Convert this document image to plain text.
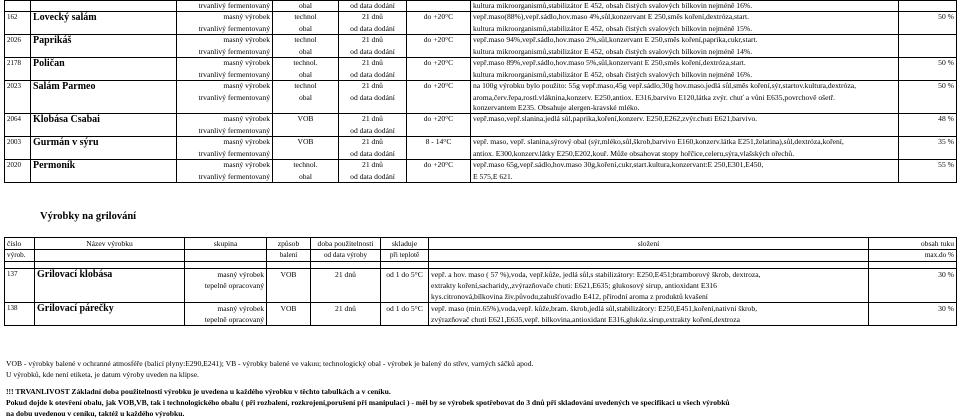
		trvanlivý fermentovaný	obal	od data dodání		kultura mikroorganismů,stabilizátor E 452, obsah čistých svalových bílkovin nejméně 16%.	
162	Lovecký salám	masný výrobek	technol	21 dnů	do +20°C	vepř.maso(88%),vepř.sádlo,hov.maso 4%,sůl,konzervant E 250,směs koření,dextróza,start.	50 %
		trvanlivý fermentovaný	obal	od data dodání		kultura mikroorganismů,stabilizátor E 452, obsah čistých svalových bílkovin nejméně 15%.	
2026	Paprikáš	masný výrobek	technol	21 dnů	do +20°C	vepř.maso 94%,vepř.sádlo,hov.maso 2%,sůl,konzervant E 250,směs koření,paprika,cukr,start.	
		trvanlivý fermentovaný	obal	od data dodání		kultura mikroorganismů,stabilizátor E 452, obsah čistých svalových bílkovin nejméně 14%.	
2178	Poličan	masný výrobek	technol.	21 dnů	do +20°C	vepř.maso 89%,vepř.sádlo,hov.maso 5%,sůl,konzervant E 250,směs koření,dextróza,start.	50 %
		trvanlivý fermentovaný	obal	od data dodání		kultura mikroorganismů,stabilizátor E 452, obsah čistých svalových bílkovin nejméně 16%.	
2023	Salám Parmeo	masný výrobek	technol	21 dnů	do +20°C	na 100g výrobku bylo použito: 55g vepř.maso,45g vepř.sádlo,30g hov.maso.jedlá sůl,směs koření,sýr,startov.kultura,dextróza,	50 %
		trvanlivý fermentovaný	obal	od data dodání		aroma,červ.řepa,rostl.vláknina,konzerv. E250,antiox. E316,barvivo E120,látka zvýr. chuť a vůni E635,povrchově ošetř.	
						konzervantem E235. Obsahuje alergen-kravské mléko.	
2064	Klobása Csabai	masný výrobek	VOB	21 dnů	do +20°C	vepř.maso,vepř.slanina,jedlá sůl,paprika,koření,konzerv. E250,E262,zvýr.chuti E621,barvivo.	48 %
		trvanlivý fermentovaný		od data dodání			
2003	Gurmán v sýru	masný výrobek	VOB	21 dnů	8 - 14°C	vepř. maso, vepř. slanina,sýrový obal (sýr,mléko,sůl,škrob,barvivo E160,konzerv.látka E251,želatina),sůl,dextróza,koření,	35 %
		trvanlivý fermentovaný		od data dodání		antiox. E300,konzerv.látky E250,E202,kouř. Může obsahovat stopy hořčice,celeru,sýra,vlašských ořechů.	
2020	Permoník	masný výrobek	technol.	21 dnů	do +20°C	vepř.maso 65g,vepř.sádlo,hov.maso 30g,koření,cukr,start.kultura,konzervant:E 250,E301,E450,	55 %
		trvanlivý fermentovaný	obal	od data dodání		E 575,E 621.	
Výrobky na grilování
číslo	Název výrobku	skupina	způsob	doba použitelnosti	skladuje	složení	obsah tuku
výrob.			balení	od data výroby	při teplotě		max.do %

137	Grilovací klobása	masný výrobek	VOB	21 dnů	od 1 do 5°C	vepř. a hov. maso ( 57 %),voda, vepř.kůže, jedlá sůl,s stabilizátory: E250,E451;bramborový škrob, dextroza,	30 %
		tepelně opracovaný				extrakty koření,sacharidy,,zvýrazňovače chuti: E621,E635; glukosový sirup, antioxidant E316	
						kys.citronová,bílkovina živ.původu,zahušťovadlo E412, přírodní aroma z produktů kvašení	
138	Grilovací párečky	masný výrobek	VOB	21 dnů	od 1 do 5°C	vepř. maso (min.65%),voda,vepř. kůže,bram. škrob,jedlá sůl,stabilizátory: E250,E451,koření,nativní škrob,	30 %
		tepelně opracovaný				zvýrazňovač chuti E621,E635,vepř. bílkovina,antioxidant E316,glukóz.sirup,extrakty koření,dextroza	
VOB - výrobky balené v ochranné atmosféře (balicí plyny:E290,E241); VB - výrobky balené ve vakuu; technologický obal - výrobek je balený do střev, varných sáčků apod.
U výrobků, kde není etiketa, je datum výroby uveden na klipse.
!!! TRVANLIVOST Základní doba použitelnosti výrobku je uvedena u každého výrobku v těchto tabulkách a v ceníku.
Pokud dojde k otevření obalu, jak VOB,VB, tak i technologického obalu ( při rozbalení, rozkrojení,porušení při manipulaci ) - měl by se výrobek spotřebovat do 3 dnů při skladování uvedených ve specifikaci u všech výrobků
na dobu uvedenou v ceníku, taktéž u každého výrobku.
